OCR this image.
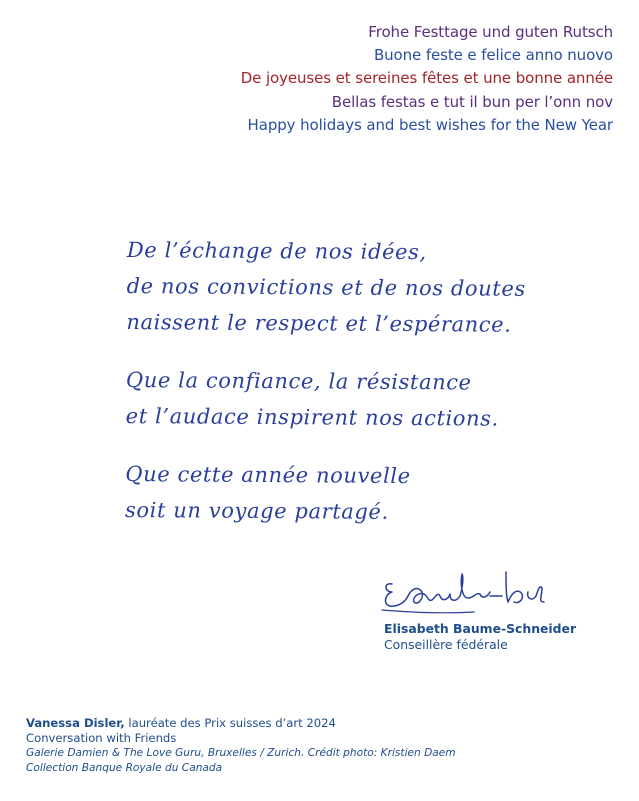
Frohe Festtage und guten Rutsch
Buone feste e felice anno nuovo
De joyeuses et sereines fêtes et une bonne année
Bellas festas e tut il bun per l’onn nov
Happy holidays and best wishes for the New Year
De l’échange de nos idées,
de nos convictions et de nos doutes
naissent le respect et l’espérance.
Que la confiance, la résistance
et l’audace inspirent nos actions.
Que cette année nouvelle
soit un voyage partagé.
Elisabeth Baume-Schneider
Conseillère fédérale
Vanessa Disler, lauréate des Prix suisses d’art 2024
Conversation with Friends
Galerie Damien & The Love Guru, Bruxelles / Zurich. Crédit photo: Kristien Daem
Collection Banque Royale du Canada
